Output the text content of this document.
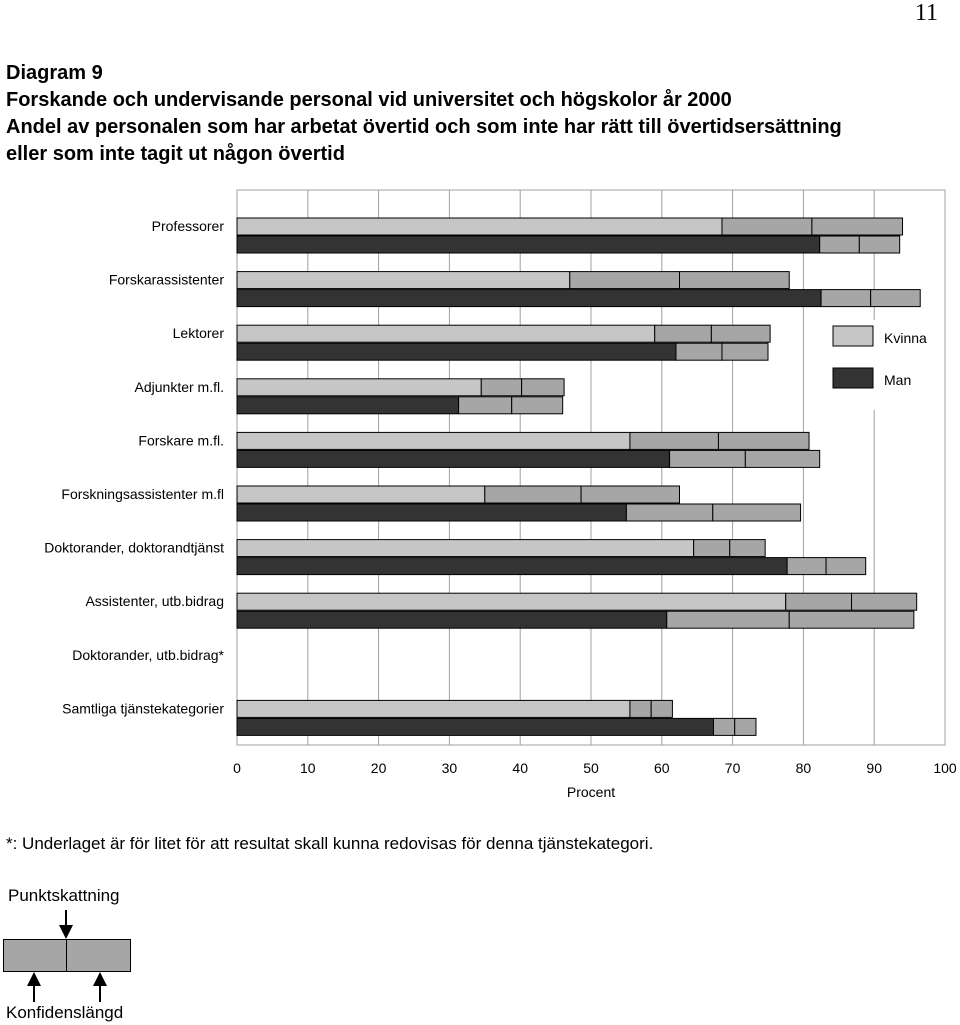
11
Diagram 9
Forskande och undervisande personal vid universitet och högskolor år 2000
Andel av personalen som har arbetat övertid och som inte har rätt till övertidsersättning
eller som inte tagit ut någon övertid
0	10	20	30	40	50	60	70	80	90	100
Procent
Professorer
Forskarassistenter
Lektorer
Adjunkter m.fl.
Forskare m.fl.
Forskningsassistenter m.fl
Doktorander, doktorandtjänst
Assistenter, utb.bidrag
Doktorander, utb.bidrag*
Samtliga tjänstekategorier
Kvinna
Man
*: Underlaget är för litet för att resultat skall kunna redovisas för denna tjänstekategori.
Punktskattning
Konfidenslängd
